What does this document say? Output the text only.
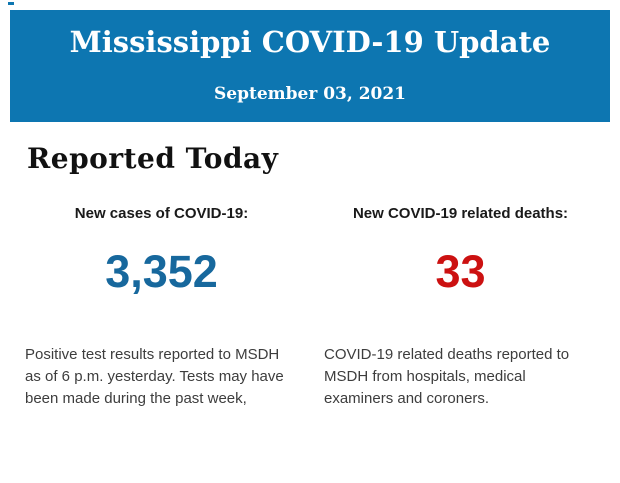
Mississippi COVID-19 Update

September 03, 2021

Reported Today

New cases of COVID-19:

3,352

Positive test results reported to MSDH as of 6 p.m. yesterday. Tests may have been made during the past week,

New COVID-19 related deaths:

33

COVID-19 related deaths reported to MSDH from hospitals, medical examiners and coroners.
